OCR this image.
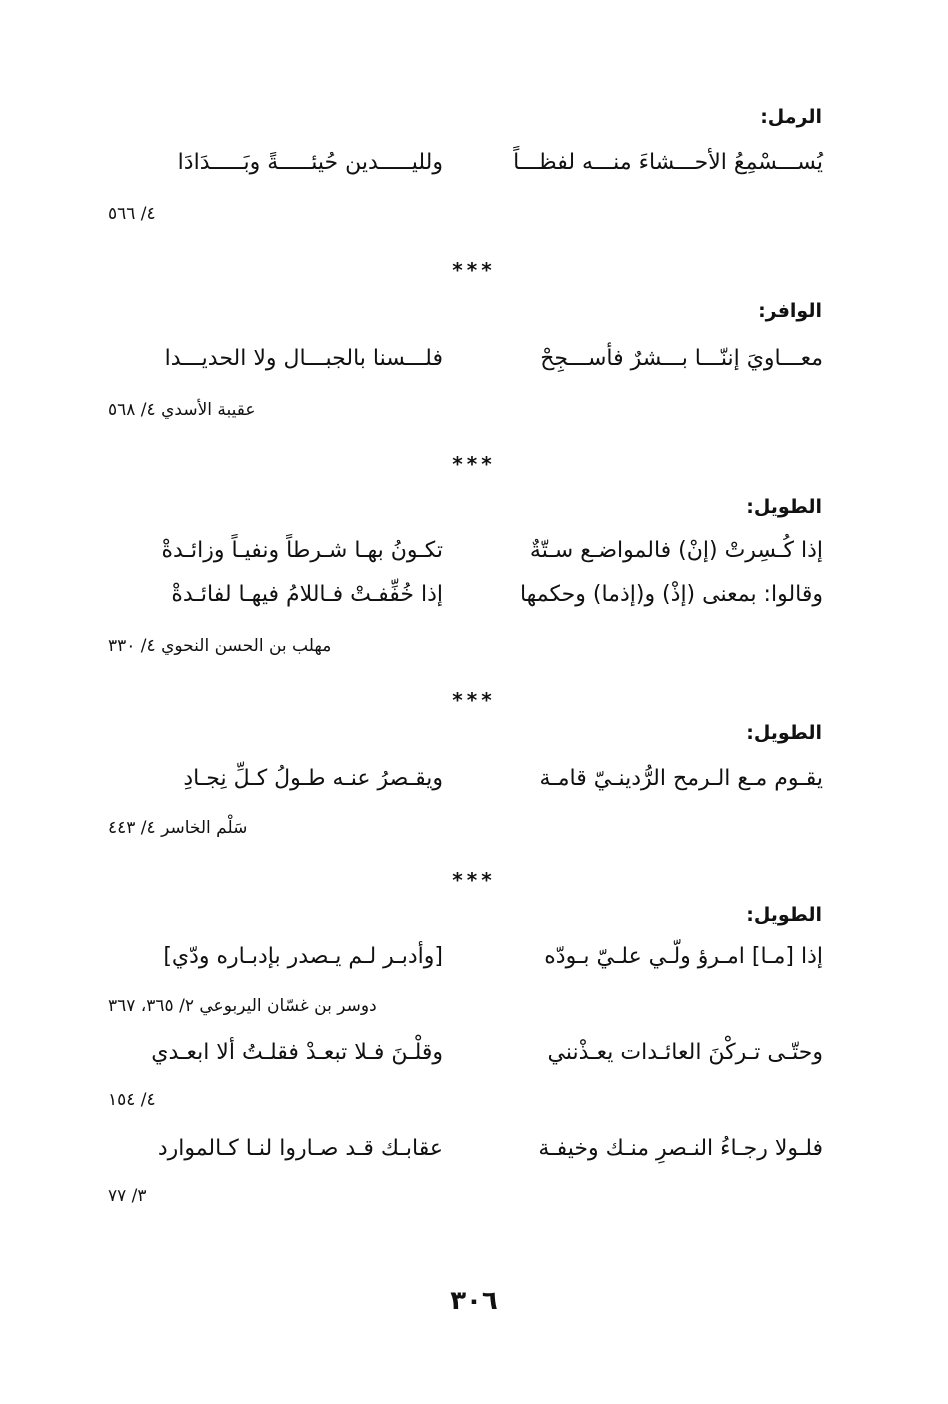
الرمل:
يُســـسْمِعُ الأحـــشاءَ منـــه لفظـــاً
ولليـــــدين حُيئـــــةً وبَـــــدَادَا
٤/ ٥٦٦
***
الوافر:
معـــاويَ إننّـــا بـــشرٌ فأســـجِحْ
فلـــسنا بالجبـــال ولا الحديـــدا
عقيبة الأسدي ٤/ ٥٦٨
***
الطويل:
إذا كُـسِرتْ (إنْ) فالمواضـع سـتّةٌ
تكـونُ بهـا شـرطاً ونفيـاً وزائـدةْ
وقالوا: بمعنى (إذْ) و(إذما) وحكمها
إذا خُفِّفـتْ فـاللامُ فيهـا لفائـدةْ
مهلب بن الحسن النحوي ٤/ ٣٣٠
***
الطويل:
يقـوم مـع الـرمح الرُّدينـيّ قامـة
ويقـصرُ عنـه طـولُ كـلِّ نِجـادِ
سَلْم الخاسر ٤/ ٤٤٣
***
الطويل:
إذا [مـا] امـرؤ ولّـي علـيّ بـودّه
[وأدبـر لـم يـصدر بإدبـاره ودّي]
دوسر بن غسّان اليربوعي ٢/ ٣٦٥، ٣٦٧
وحتّـى تـركْنَ العائـدات يعـذْنني
وقلْـنَ فـلا تبعـدْ فقلـتُ ألا ابعـدي
٤/ ١٥٤
فلـولا رجـاءُ النـصرِ منـك وخيفـة
عقابـك قـد صـاروا لنـا كـالموارد
٣/ ٧٧
٣٠٦
